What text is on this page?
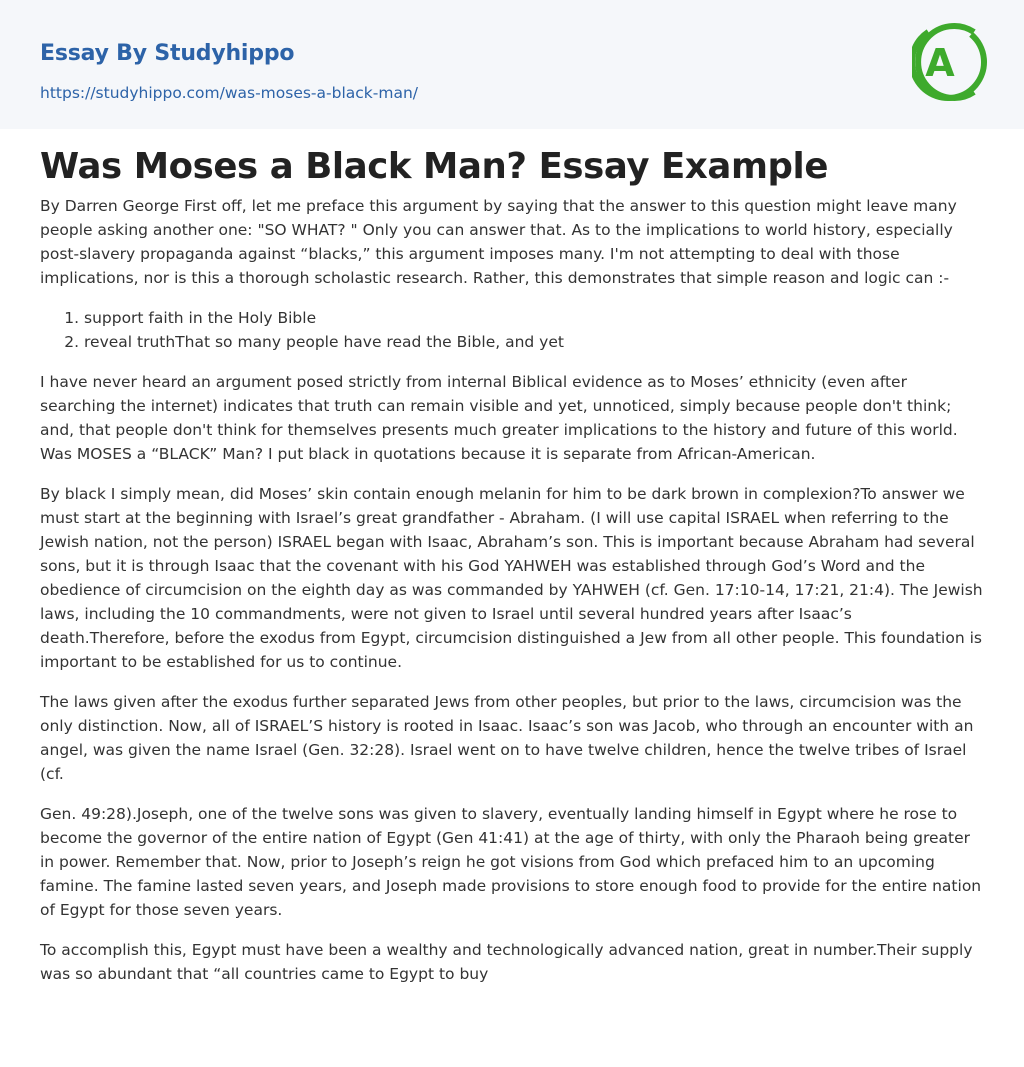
Essay By Studyhippo
https://studyhippo.com/was-moses-a-black-man/
A
Was Moses a Black Man? Essay Example

By Darren George First off, let me preface this argument by saying that the answer to this question might leave many people asking another one: "SO WHAT? " Only you can answer that. As to the implications to world history, especially post-slavery propaganda against “blacks,” this argument imposes many. I'm not attempting to deal with those implications, nor is this a thorough scholastic research. Rather, this demonstrates that simple reason and logic can :-

1. support faith in the Holy Bible
2. reveal truthThat so many people have read the Bible, and yet

I have never heard an argument posed strictly from internal Biblical evidence as to Moses’ ethnicity (even after searching the internet) indicates that truth can remain visible and yet, unnoticed, simply because people don't think; and, that people don't think for themselves presents much greater implications to the history and future of this world. Was MOSES a “BLACK” Man? I put black in quotations because it is separate from African-American.

By black I simply mean, did Moses’ skin contain enough melanin for him to be dark brown in complexion?To answer we must start at the beginning with Israel’s great grandfather - Abraham. (I will use capital ISRAEL when referring to the Jewish nation, not the person) ISRAEL began with Isaac, Abraham’s son. This is important because Abraham had several sons, but it is through Isaac that the covenant with his God YAHWEH was established through God’s Word and the obedience of circumcision on the eighth day as was commanded by YAHWEH (cf. Gen. 17:10-14, 17:21, 21:4). The Jewish laws, including the 10 commandments, were not given to Israel until several hundred years after Isaac’s death.Therefore, before the exodus from Egypt, circumcision distinguished a Jew from all other people. This foundation is important to be established for us to continue.

The laws given after the exodus further separated Jews from other peoples, but prior to the laws, circumcision was the only distinction. Now, all of ISRAEL’S history is rooted in Isaac. Isaac’s son was Jacob, who through an encounter with an angel, was given the name Israel (Gen. 32:28). Israel went on to have twelve children, hence the twelve tribes of Israel (cf.

Gen. 49:28).Joseph, one of the twelve sons was given to slavery, eventually landing himself in Egypt where he rose to become the governor of the entire nation of Egypt (Gen 41:41) at the age of thirty, with only the Pharaoh being greater in power. Remember that. Now, prior to Joseph’s reign he got visions from God which prefaced him to an upcoming famine. The famine lasted seven years, and Joseph made provisions to store enough food to provide for the entire nation of Egypt for those seven years.

To accomplish this, Egypt must have been a wealthy and technologically advanced nation, great in number.Their supply was so abundant that “all countries came to Egypt to buy
